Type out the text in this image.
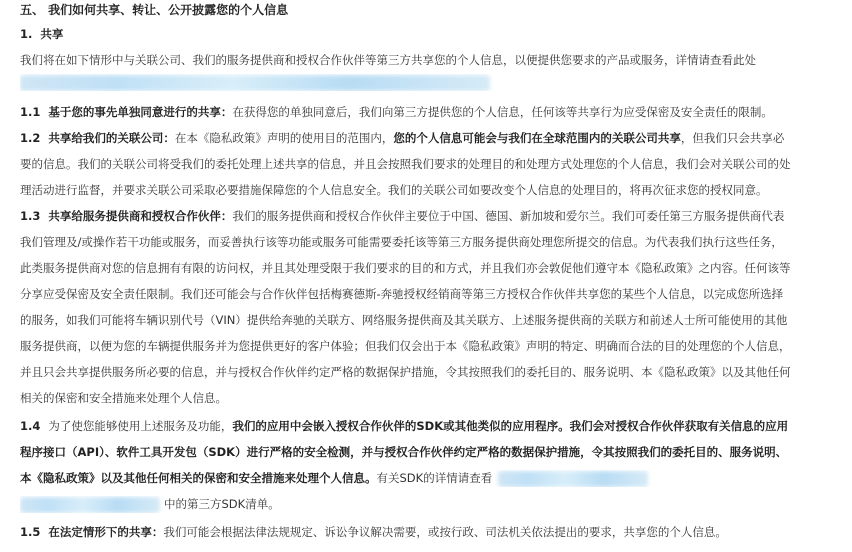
五、 我们如何共享、转让、公开披露您的个人信息
1. 共享
我们将在如下情形中与关联公司、我们的服务提供商和授权合作伙伴等第三方共享您的个人信息，以便提供您要求的产品或服务，详情请查看此处
1.1 基于您的事先单独同意进行的共享：在获得您的单独同意后，我们向第三方提供您的个人信息，任何该等共享行为应受保密及安全责任的限制。
1.2 共享给我们的关联公司：在本《隐私政策》声明的使用目的范围内，您的个人信息可能会与我们在全球范围内的关联公司共享，但我们只会共享必
要的信息。我们的关联公司将受我们的委托处理上述共享的信息，并且会按照我们要求的处理目的和处理方式处理您的个人信息，我们会对关联公司的处
理活动进行监督，并要求关联公司采取必要措施保障您的个人信息安全。我们的关联公司如要改变个人信息的处理目的，将再次征求您的授权同意。
1.3 共享给服务提供商和授权合作伙伴：我们的服务提供商和授权合作伙伴主要位于中国、德国、新加坡和爱尔兰。我们可委任第三方服务提供商代表
我们管理及/或操作若干功能或服务，而妥善执行该等功能或服务可能需要委托该等第三方服务提供商处理您所提交的信息。为代表我们执行这些任务，
此类服务提供商对您的信息拥有有限的访问权，并且其处理受限于我们要求的目的和方式，并且我们亦会敦促他们遵守本《隐私政策》之内容。任何该等
分享应受保密及安全责任限制。我们还可能会与合作伙伴包括梅赛德斯-奔驰授权经销商等第三方授权合作伙伴共享您的某些个人信息，以完成您所选择
的服务，如我们可能将车辆识别代号（VIN）提供给奔驰的关联方、网络服务提供商及其关联方、上述服务提供商的关联方和前述人士所可能使用的其他
服务提供商，以便为您的车辆提供服务并为您提供更好的客户体验；但我们仅会出于本《隐私政策》声明的特定、明确而合法的目的处理您的个人信息，
并且只会共享提供服务所必要的信息，并与授权合作伙伴约定严格的数据保护措施，令其按照我们的委托目的、服务说明、本《隐私政策》以及其他任何
相关的保密和安全措施来处理个人信息。
1.4 为了使您能够使用上述服务及功能，我们的应用中会嵌入授权合作伙伴的SDK或其他类似的应用程序。我们会对授权合作伙伴获取有关信息的应用
程序接口（API）、软件工具开发包（SDK）进行严格的安全检测，并与授权合作伙伴约定严格的数据保护措施，令其按照我们的委托目的、服务说明、
本《隐私政策》以及其他任何相关的保密和安全措施来处理个人信息。有关SDK的详情请查看
中的第三方SDK清单。
1.5 在法定情形下的共享：我们可能会根据法律法规规定、诉讼争议解决需要，或按行政、司法机关依法提出的要求，共享您的个人信息。
